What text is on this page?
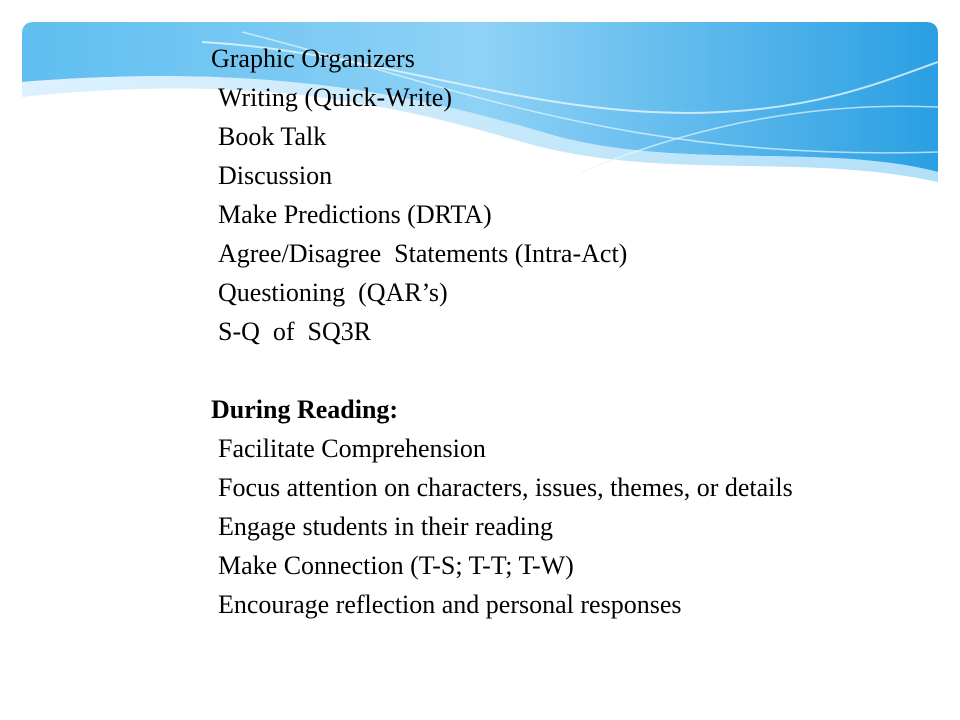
Graphic Organizers
Writing (Quick-Write)
Book Talk
Discussion
Make Predictions (DRTA)
Agree/Disagree  Statements (Intra-Act)
Questioning  (QAR’s)
S-Q  of  SQ3R
During Reading:
Facilitate Comprehension
Focus attention on characters, issues, themes, or details
Engage students in their reading
Make Connection (T-S; T-T; T-W)
Encourage reflection and personal responses
